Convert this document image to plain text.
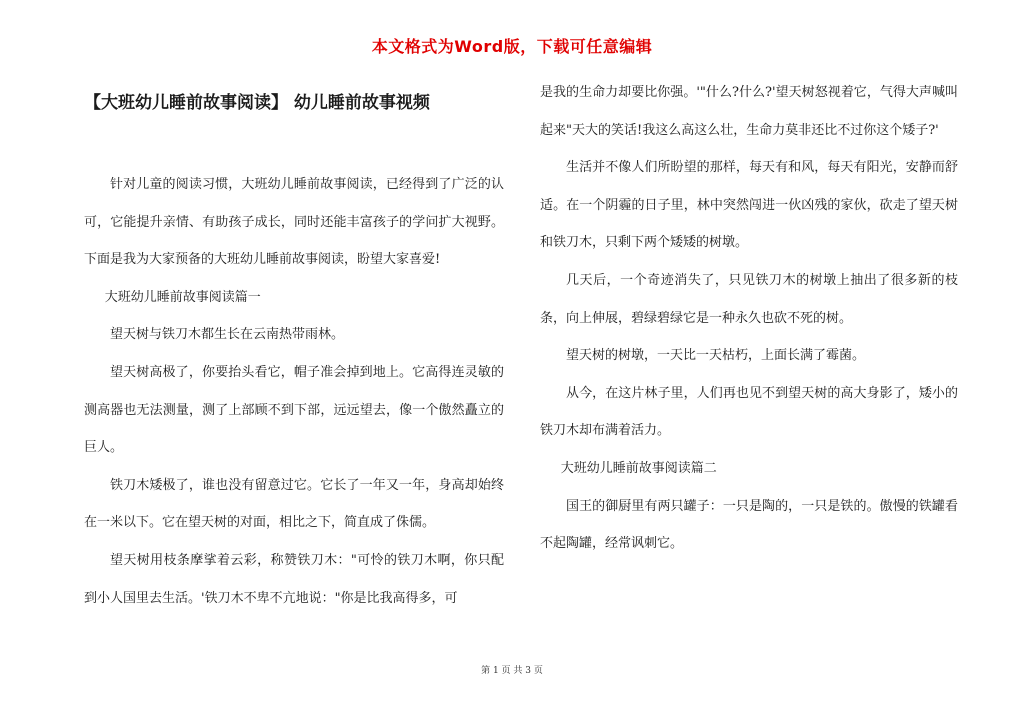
本文格式为Word版，下载可任意编辑
【大班幼儿睡前故事阅读】 幼儿睡前故事视频

针对儿童的阅读习惯，大班幼儿睡前故事阅读，已经得到了广泛的认可，它能提升亲情、有助孩子成长，同时还能丰富孩子的学问扩大视野。下面是我为大家预备的大班幼儿睡前故事阅读，盼望大家喜爱!

大班幼儿睡前故事阅读篇一

望天树与铁刀木都生长在云南热带雨林。

望天树高极了，你要抬头看它，帽子准会掉到地上。它高得连灵敏的测高器也无法测量，测了上部顾不到下部，远远望去，像一个傲然矗立的巨人。

铁刀木矮极了，谁也没有留意过它。它长了一年又一年，身高却始终在一米以下。它在望天树的对面，相比之下，简直成了侏儒。

望天树用枝条摩挲着云彩，称赞铁刀木："可怜的铁刀木啊，你只配到小人国里去生活。'铁刀木不卑不亢地说："你是比我高得多，可

是我的生命力却要比你强。'"什么?什么?'望天树怒视着它，气得大声喊叫起来"天大的笑话!我这么高这么壮，生命力莫非还比不过你这个矮子?'

生活并不像人们所盼望的那样，每天有和风，每天有阳光，安静而舒适。在一个阴霾的日子里，林中突然闯进一伙凶残的家伙，砍走了望天树和铁刀木，只剩下两个矮矮的树墩。

几天后，一个奇迹消失了，只见铁刀木的树墩上抽出了很多新的枝条，向上伸展，碧绿碧绿它是一种永久也砍不死的树。

望天树的树墩，一天比一天枯朽，上面长满了霉菌。

从今，在这片林子里，人们再也见不到望天树的高大身影了，矮小的铁刀木却布满着活力。

大班幼儿睡前故事阅读篇二

国王的御厨里有两只罐子：一只是陶的，一只是铁的。傲慢的铁罐看不起陶罐，经常讽刺它。

第 1 页 共 3 页
